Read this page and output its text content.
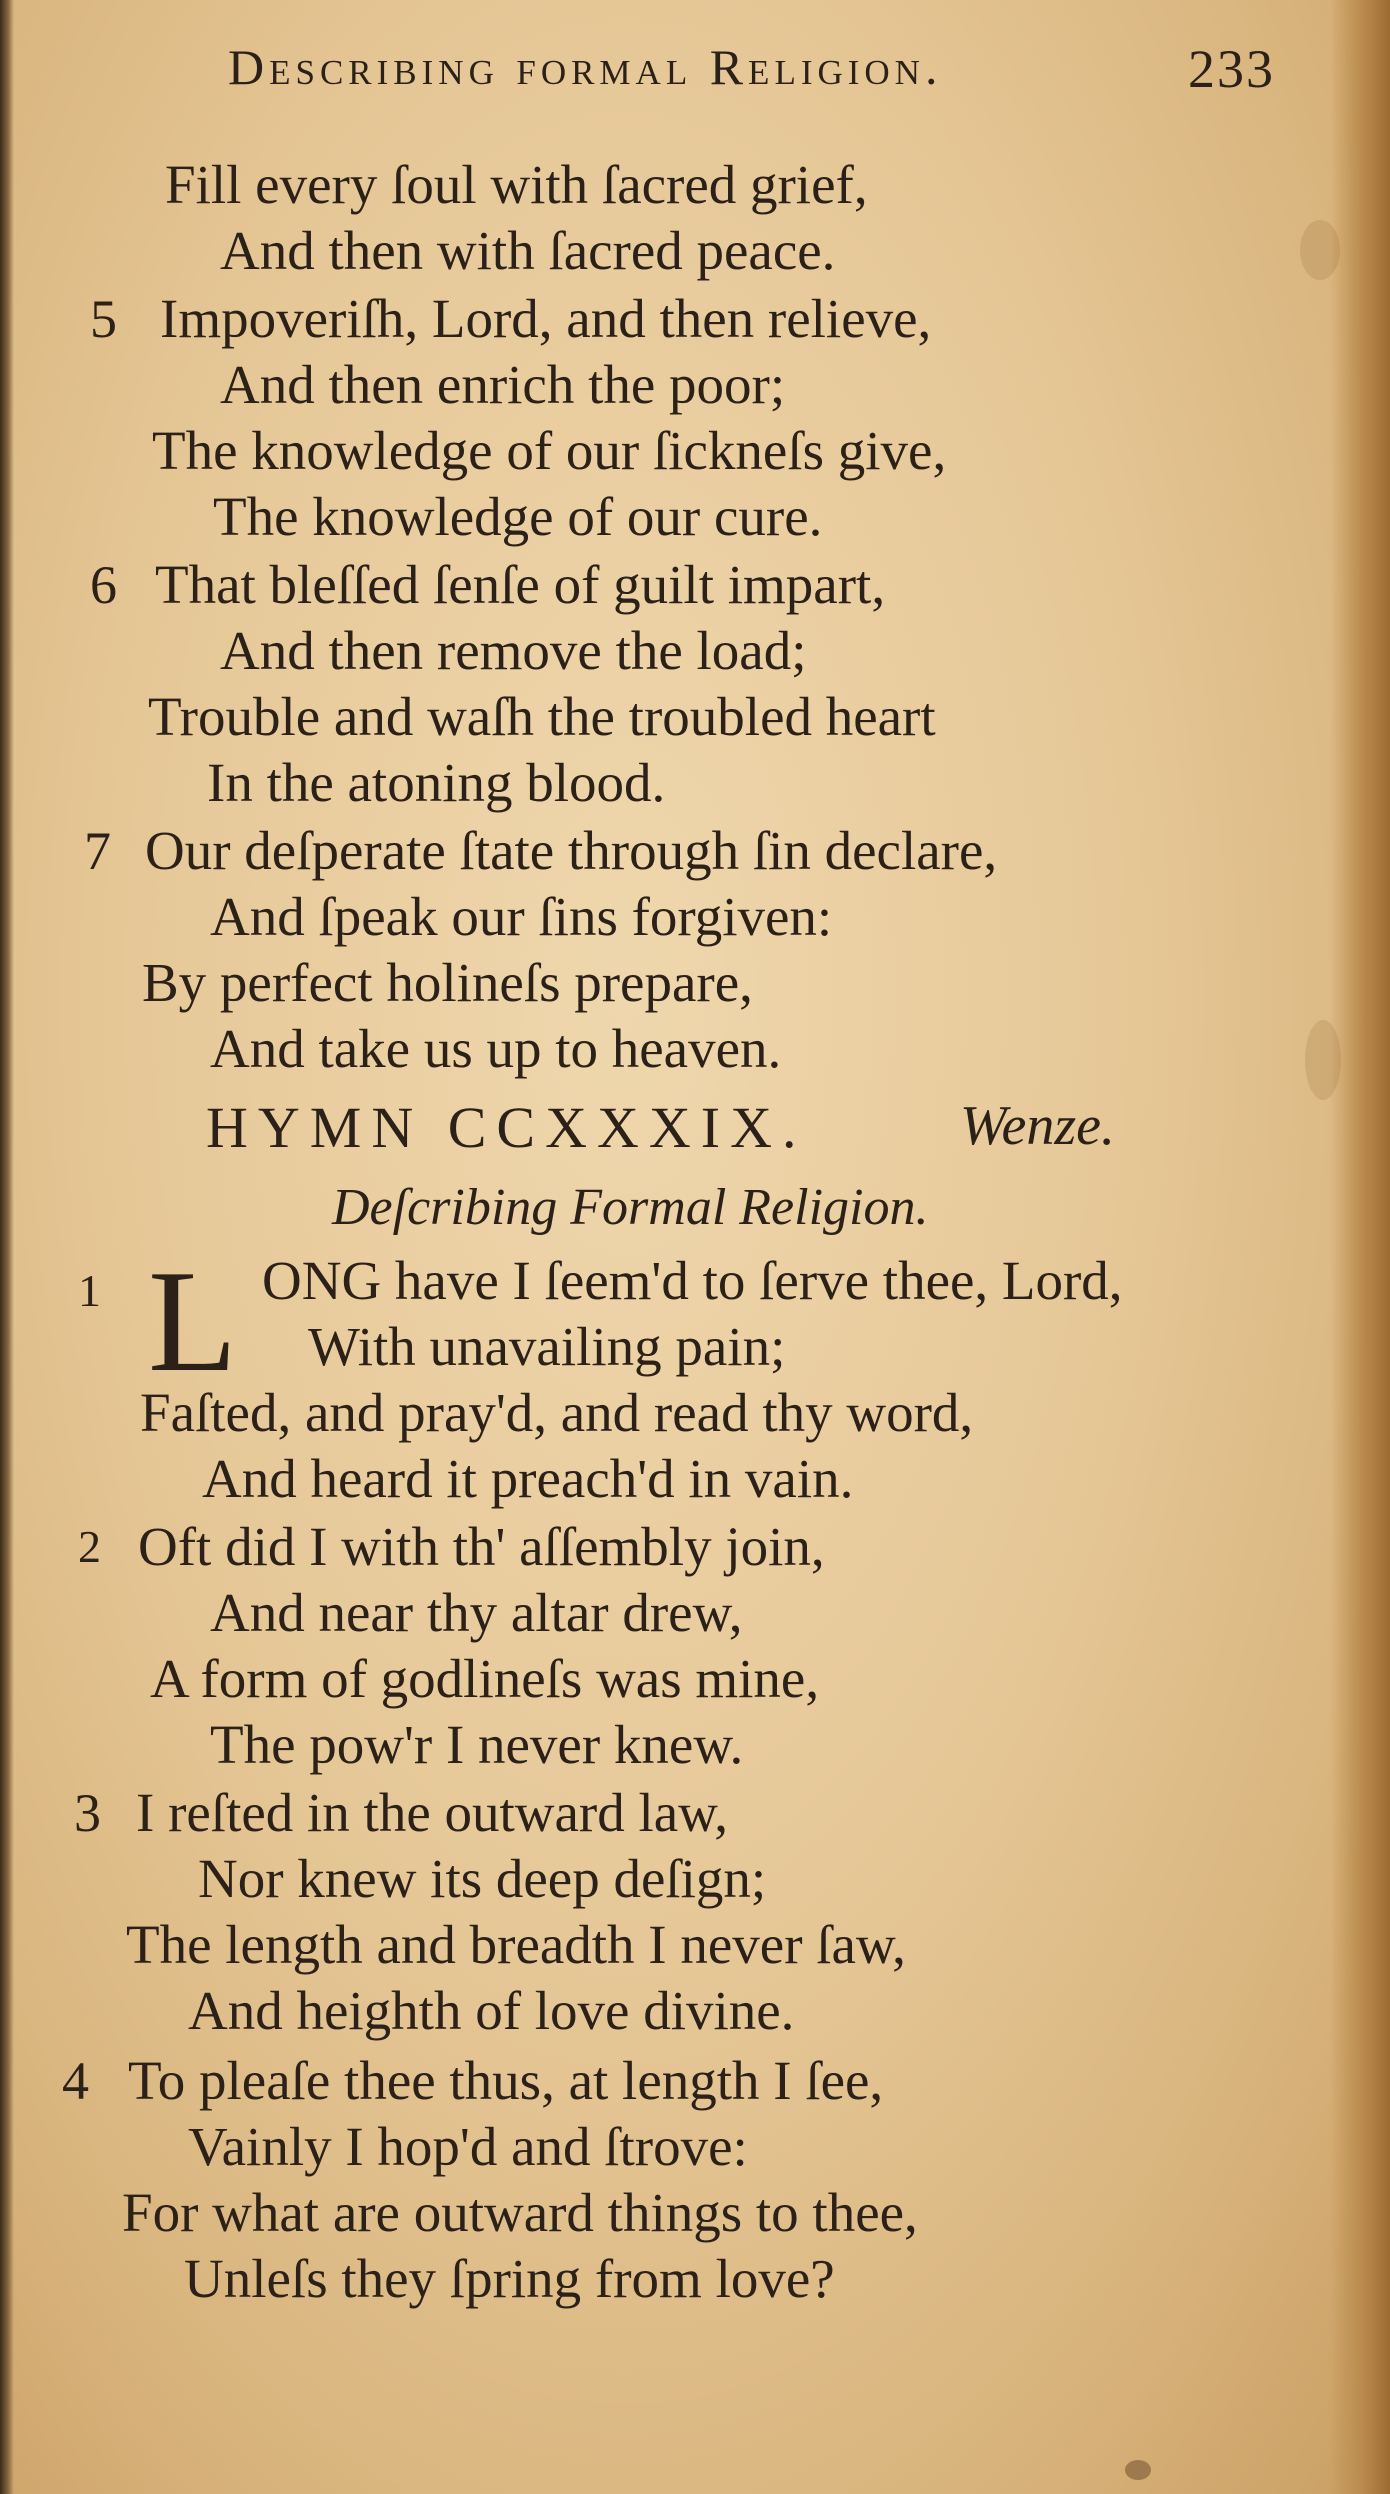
Describing formal Religion.	233
Fill every ſoul with ſacred grief,
And then with ſacred peace.
5 Impoveriſh, Lord, and then relieve,
And then enrich the poor;
The knowledge of our ſickneſs give,
The knowledge of our cure.
6 That bleſſed ſenſe of guilt impart,
And then remove the load;
Trouble and waſh the troubled heart
In the atoning blood.
7 Our deſperate ſtate through ſin declare,
And ſpeak our ſins forgiven:
By perfect holineſs prepare,
And take us up to heaven.
HYMN CCXXXIX.	Wenze.
Deſcribing Formal Religion.
1 L ONG have I ſeem'd to ſerve thee, Lord,
With unavailing pain;
Faſted, and pray'd, and read thy word,
And heard it preach'd in vain.
2 Oft did I with th' aſſembly join,
And near thy altar drew,
A form of godlineſs was mine,
The pow'r I never knew.
3 I reſted in the outward law,
Nor knew its deep deſign;
The length and breadth I never ſaw,
And heighth of love divine.
4 To pleaſe thee thus, at length I ſee,
Vainly I hop'd and ſtrove:
For what are outward things to thee,
Unleſs they ſpring from love?
